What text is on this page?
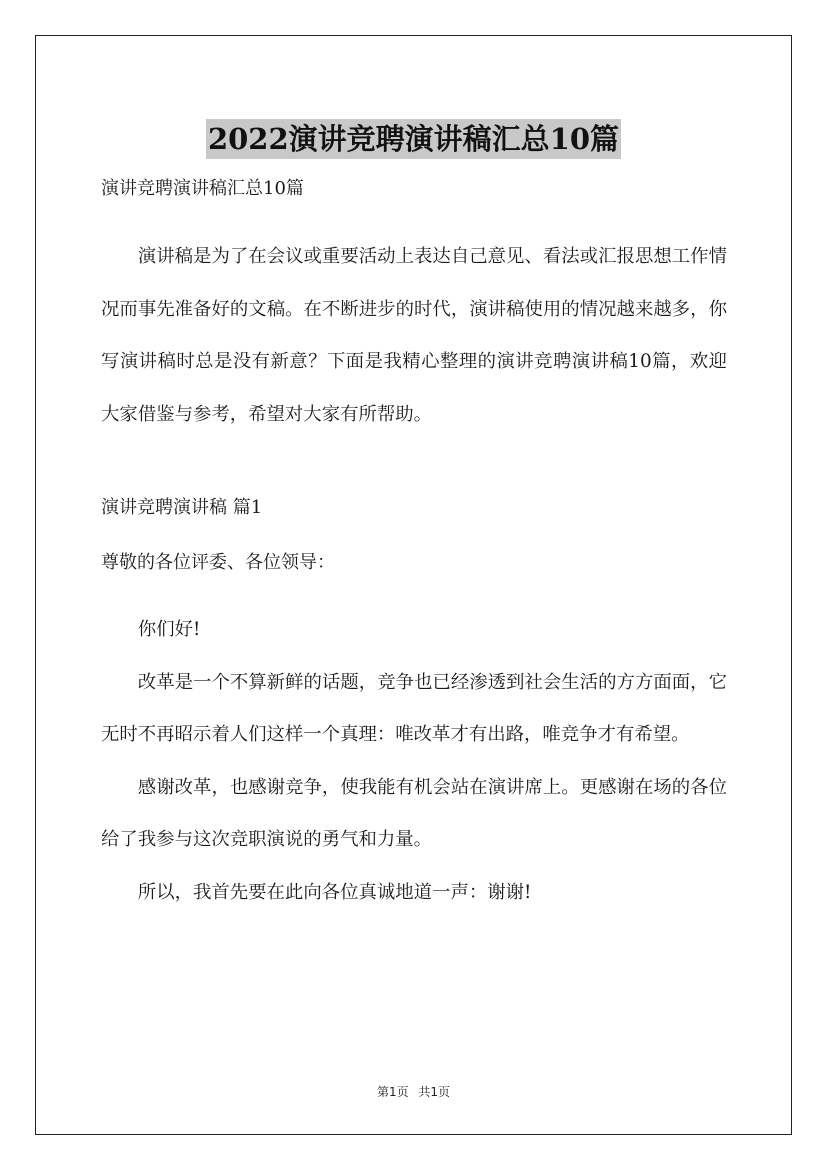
2022演讲竞聘演讲稿汇总10篇

演讲竞聘演讲稿汇总10篇

演讲稿是为了在会议或重要活动上表达自己意见、看法或汇报思想工作情况而事先准备好的文稿。在不断进步的时代，演讲稿使用的情况越来越多，你写演讲稿时总是没有新意？下面是我精心整理的演讲竞聘演讲稿10篇，欢迎大家借鉴与参考，希望对大家有所帮助。

演讲竞聘演讲稿 篇1

尊敬的各位评委、各位领导：

你们好!

改革是一个不算新鲜的话题，竞争也已经渗透到社会生活的方方面面，它无时不再昭示着人们这样一个真理：唯改革才有出路，唯竞争才有希望。

感谢改革，也感谢竞争，使我能有机会站在演讲席上。更感谢在场的各位给了我参与这次竞职演说的勇气和力量。

所以，我首先要在此向各位真诚地道一声：谢谢!

第1页 共1页
